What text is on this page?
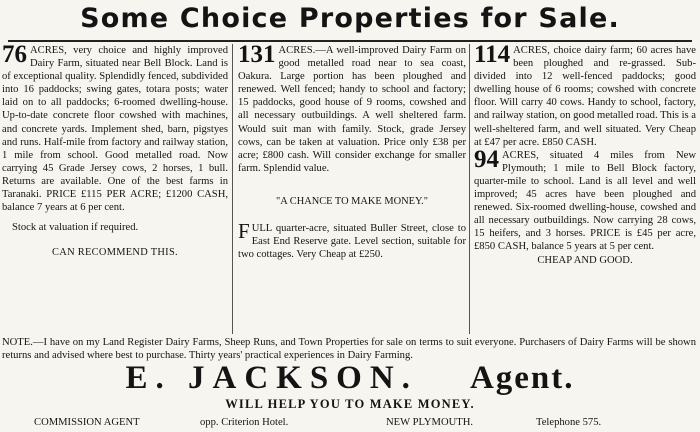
Some Choice Properties for Sale.

76 ACRES, very choice and highly improved Dairy Farm, situated near Bell Block. Land is of exceptional quality. Splendidly fenced, subdivided into 16 paddocks; swing gates, totara posts; water laid on to all paddocks; 6-roomed dwelling-house. Up-to-date concrete floor cowshed with machines, and concrete yards. Implement shed, barn, pigstyes and runs. Half-mile from factory and railway station, 1 mile from school. Good metalled road. Now carrying 45 Grade Jersey cows, 2 horses, 1 bull. Returns are available. One of the best farms in Taranaki. PRICE £115 PER ACRE; £1200 CASH, balance 7 years at 6 per cent.

Stock at valuation if required.

CAN RECOMMEND THIS.

131 ACRES.—A well-improved Dairy Farm on good metalled road near to sea coast, Oakura. Large portion has been ploughed and renewed. Well fenced; handy to school and factory; 15 paddocks, good house of 9 rooms, cowshed and all necessary outbuildings. A well sheltered farm. Would suit man with family. Stock, grade Jersey cows, can be taken at valuation. Price only £38 per acre; £800 cash. Will consider exchange for smaller farm. Splendid value.

"A CHANCE TO MAKE MONEY."

FULL quarter-acre, situated Buller Street, close to East End Reserve gate. Level section, suitable for two cottages. Very Cheap at £250.

114 ACRES, choice dairy farm; 60 acres have been ploughed and re-grassed. Sub-divided into 12 well-fenced paddocks; good dwelling house of 6 rooms; cowshed with concrete floor. Will carry 40 cows. Handy to school, factory, and railway station, on good metalled road. This is a well-sheltered farm, and well situated. Very Cheap at £47 per acre. £850 CASH.

94 ACRES, situated 4 miles from New Plymouth; 1 mile to Bell Block factory, quarter-mile to school. Land is all level and well improved; 45 acres have been ploughed and renewed. Six-roomed dwelling-house, cowshed and all necessary outbuildings. Now carrying 28 cows, 15 heifers, and 3 horses. PRICE is £45 per acre, £850 CASH, balance 5 years at 5 per cent.

CHEAP AND GOOD.

NOTE.—I have on my Land Register Dairy Farms, Sheep Runs, and Town Properties for sale on terms to suit everyone. Purchasers of Dairy Farms will be shown returns and advised where best to purchase. Thirty years' practical experiences in Dairy Farming.
E. JACKSON. Agent.
WILL HELP YOU TO MAKE MONEY.
COMMISSION AGENT	opp. Criterion Hotel.	NEW PLYMOUTH.	Telephone 575.
